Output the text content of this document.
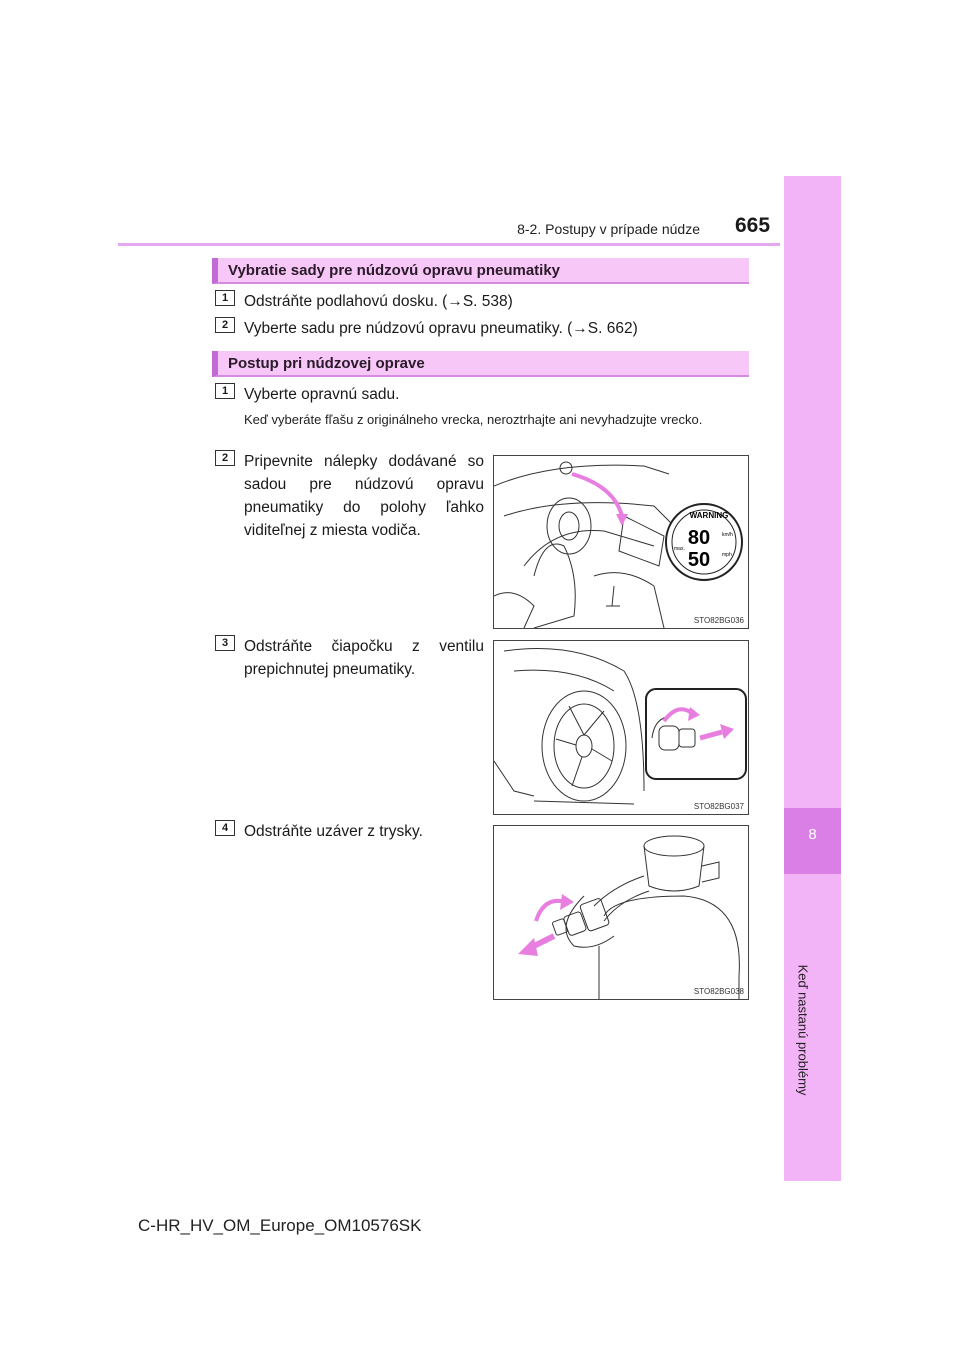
8-2. Postupy v prípade núdze 665
8
Keď nastanú problémy
Vybratie sady pre núdzovú opravu pneumatiky
1	Odstráňte podlahovú dosku. (→S. 538)
2	Vyberte sadu pre núdzovú opravu pneumatiky. (→S. 662)
Postup pri núdzovej oprave
1	Vyberte opravnú sadu.
Keď vyberáte fľašu z originálneho vrecka, neroztrhajte ani nevyhadzujte vrecko.
2	Pripevnite nálepky dodávané so sadou pre núdzovú opravu pneumatiky do polohy ľahko viditeľnej z miesta vodiča.
3	Odstráňte čiapočku z ventilu prepichnutej pneumatiky.
4	Odstráňte uzáver z trysky.
WARNING
80
50
km/h
mph
max.
STO82BG036
STO82BG037
STO82BG038
C-HR_HV_OM_Europe_OM10576SK
